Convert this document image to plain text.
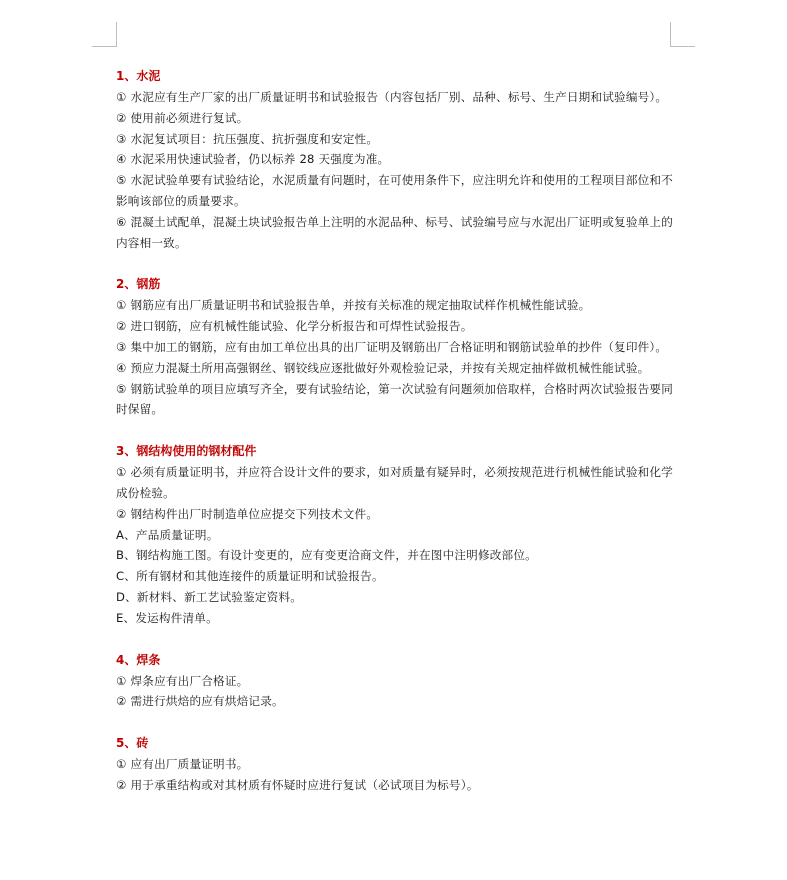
1、水泥
① 水泥应有生产厂家的出厂质量证明书和试验报告（内容包括厂别、品种、标号、生产日期和试验编号）。
② 使用前必须进行复试。
③ 水泥复试项目：抗压强度、抗折强度和安定性。
④ 水泥采用快速试验者，仍以标养 28 天强度为准。
⑤ 水泥试验单要有试验结论，水泥质量有问题时，在可使用条件下，应注明允许和使用的工程项目部位和不影响该部位的质量要求。
⑥ 混凝土试配单，混凝土块试验报告单上注明的水泥品种、标号、试验编号应与水泥出厂证明或复验单上的内容相一致。
2、钢筋
① 钢筋应有出厂质量证明书和试验报告单，并按有关标准的规定抽取试样作机械性能试验。
② 进口钢筋，应有机械性能试验、化学分析报告和可焊性试验报告。
③ 集中加工的钢筋，应有由加工单位出具的出厂证明及钢筋出厂合格证明和钢筋试验单的抄件（复印件）。
④ 预应力混凝土所用高强钢丝、钢铰线应逐批做好外观检验记录，并按有关规定抽样做机械性能试验。
⑤ 钢筋试验单的项目应填写齐全，要有试验结论，第一次试验有问题须加倍取样，合格时两次试验报告要同时保留。
3、钢结构使用的钢材配件
① 必须有质量证明书，并应符合设计文件的要求，如对质量有疑异时，必须按规范进行机械性能试验和化学成份检验。
② 钢结构件出厂时制造单位应提交下列技术文件。
A、产品质量证明。
B、钢结构施工图。有设计变更的，应有变更洽商文件，并在图中注明修改部位。
C、所有钢材和其他连接件的质量证明和试验报告。
D、新材料、新工艺试验鉴定资料。
E、发运构件清单。
4、焊条
① 焊条应有出厂合格证。
② 需进行烘焙的应有烘焙记录。
5、砖
① 应有出厂质量证明书。
② 用于承重结构或对其材质有怀疑时应进行复试（必试项目为标号）。
